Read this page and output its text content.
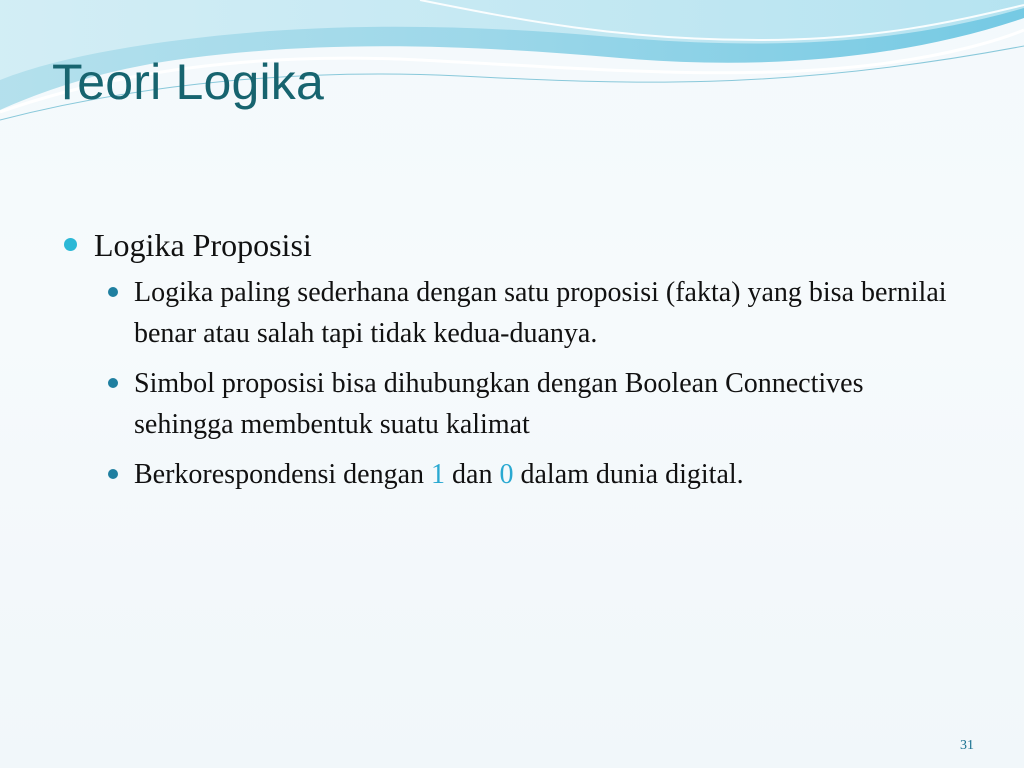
Teori Logika
Logika Proposisi
Logika paling sederhana dengan satu proposisi (fakta) yang bisa bernilai benar atau salah tapi tidak kedua-duanya.
Simbol proposisi bisa dihubungkan dengan Boolean Connectives sehingga membentuk suatu kalimat
Berkorespondensi dengan 1 dan 0 dalam dunia digital.
31
